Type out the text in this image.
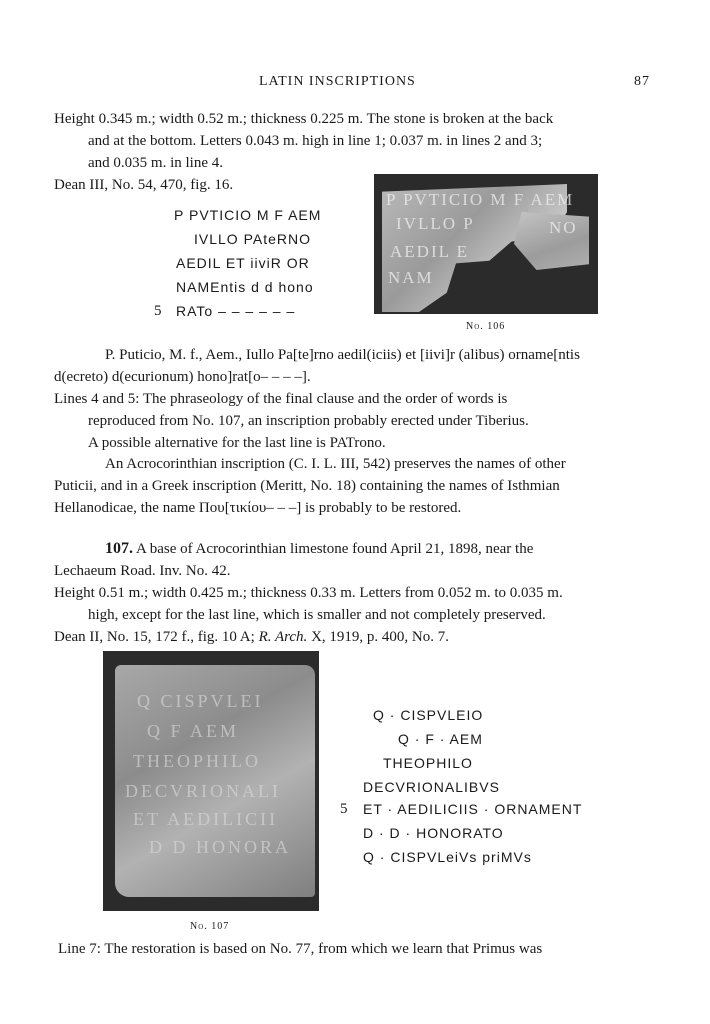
LATIN INSCRIPTIONS	87
Height 0.345 m.; width 0.52 m.; thickness 0.225 m. The stone is broken at the back
and at the bottom. Letters 0.043 m. high in line 1; 0.037 m. in lines 2 and 3;
and 0.035 m. in line 4.
Dean III, No. 54, 470, fig. 16.
P PVTICIO M F AEM
IVLLO PAteRNO
AEDIL ET iiviR OR
NAMEntis d d hono
5 RATo – – – – – –
P PVTICIO M F AEM
IVLLO P	NO
AEDIL E
NAM
No. 106
P. Puticio, M. f., Aem., Iullo Pa[te]rno aedil(iciis) et [iivi]r (alibus) orname[ntis
d(ecreto) d(ecurionum) hono]rat[o– – – –].
Lines 4 and 5: The phraseology of the final clause and the order of words is
reproduced from No. 107, an inscription probably erected under Tiberius.
A possible alternative for the last line is PATrono.
An Acrocorinthian inscription (C. I. L. III, 542) preserves the names of other
Puticii, and in a Greek inscription (Meritt, No. 18) containing the names of Isthmian
Hellanodicae, the name Πoυ[τικίου– – –] is probably to be restored.
107. A base of Acrocorinthian limestone found April 21, 1898, near the
Lechaeum Road. Inv. No. 42.
Height 0.51 m.; width 0.425 m.; thickness 0.33 m. Letters from 0.052 m. to 0.035 m.
high, except for the last line, which is smaller and not completely preserved.
Dean II, No. 15, 172 f., fig. 10 A; R. Arch. X, 1919, p. 400, No. 7.
Q CISPVLEI
Q F AEM
THEOPHILO
DECVRIONALI
ET AEDILICII
D D HONORA
No. 107
Q · CISPVLEIO
Q · F · AEM
THEOPHILO
DECVRIONALIBVS
5 ET · AEDILICIIS · ORNAMENT
D · D · HONORATO
Q · CISPVLeiVs priMVs
Line 7: The restoration is based on No. 77, from which we learn that Primus was
